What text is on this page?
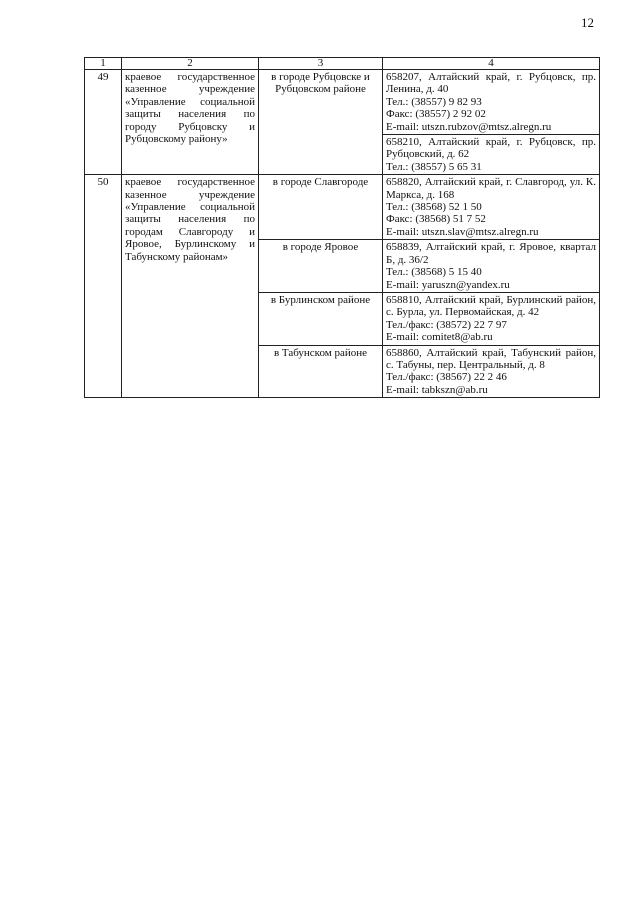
12
1	2	3	4
49	краевое государственное казенное учреждение «Управление социальной защиты населения по городу Рубцовску и Рубцовскому району»	в городе Рубцовске и Рубцовском районе	658207, Алтайский край, г. Рубцовск, пр. Ленина, д. 40
Тел.: (38557) 9 82 93
Факс: (38557) 2 92 02
E-mail: utszn.rubzov@mtsz.alregn.ru

			658210, Алтайский край, г. Рубцовск, пр. Рубцовский, д. 62
Тел.: (38557) 5 65 31

50	краевое государственное казенное учреждение «Управление социальной защиты населения по городам Славгороду и Яровое, Бурлинскому и Табунскому районам»	в городе Славгороде	658820, Алтайский край, г. Славгород, ул. К. Маркса, д. 168
Тел.: (38568) 52 1 50
Факс: (38568) 51 7 52
E-mail: utszn.slav@mtsz.alregn.ru

		в городе Яровое	658839, Алтайский край, г. Яровое, квартал Б, д. 36/2
Тел.: (38568) 5 15 40
E-mail: yaruszn@yandex.ru

		в Бурлинском районе	658810, Алтайский край, Бурлинский район, с. Бурла, ул. Первомайская, д. 42
Тел./факс: (38572) 22 7 97
E-mail: comitet8@ab.ru

		в Табунском районе	658860, Алтайский край, Табунский район, с. Табуны, пер. Центральный, д. 8
Тел./факс: (38567) 22 2 46
E-mail: tabkszn@ab.ru
